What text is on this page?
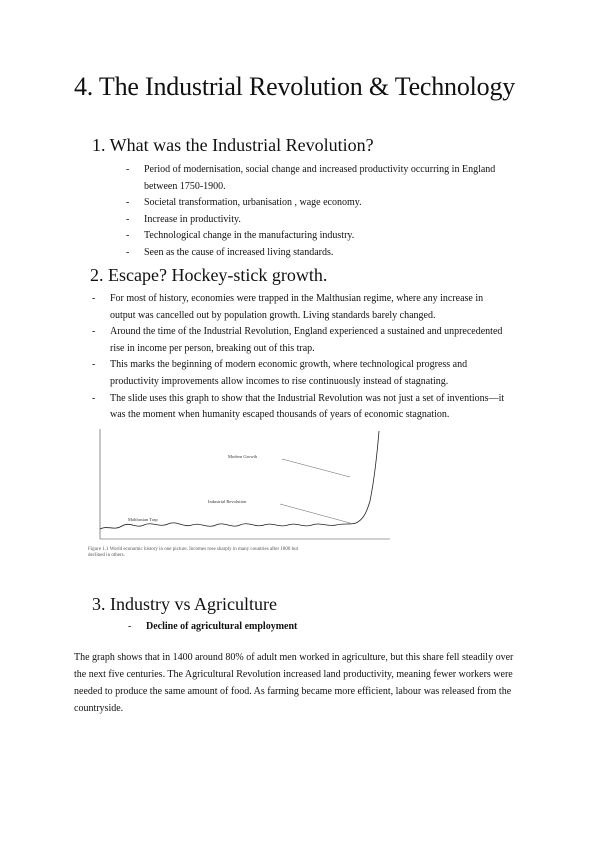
4. The Industrial Revolution & Technology
1. What was the Industrial Revolution?
- Period of modernisation, social change and increased productivity occurring in England between 1750-1900.
- Societal transformation, urbanisation , wage economy.
- Increase in productivity.
- Technological change in the manufacturing industry.
- Seen as the cause of increased living standards.
2. Escape? Hockey-stick growth.
- For most of history, economies were trapped in the Malthusian regime, where any increase in output was cancelled out by population growth. Living standards barely changed.
- Around the time of the Industrial Revolution, England experienced a sustained and unprecedented rise in income per person, breaking out of this trap.
- This marks the beginning of modern economic growth, where technological progress and productivity improvements allow incomes to rise continuously instead of stagnating.
- The slide uses this graph to show that the Industrial Revolution was not just a set of inventions—it was the moment when humanity escaped thousands of years of economic stagnation.
Modern Growth
Industrial Revolution
Malthusian Trap
Figure 1.1 World economic history in one picture. Incomes rose sharply in many countries after 1800 but declined in others.
3. Industry vs Agriculture
- Decline of agricultural employment

The graph shows that in 1400 around 80% of adult men worked in agriculture, but this share fell steadily over the next five centuries. The Agricultural Revolution increased land productivity, meaning fewer workers were needed to produce the same amount of food. As farming became more efficient, labour was released from the countryside.
